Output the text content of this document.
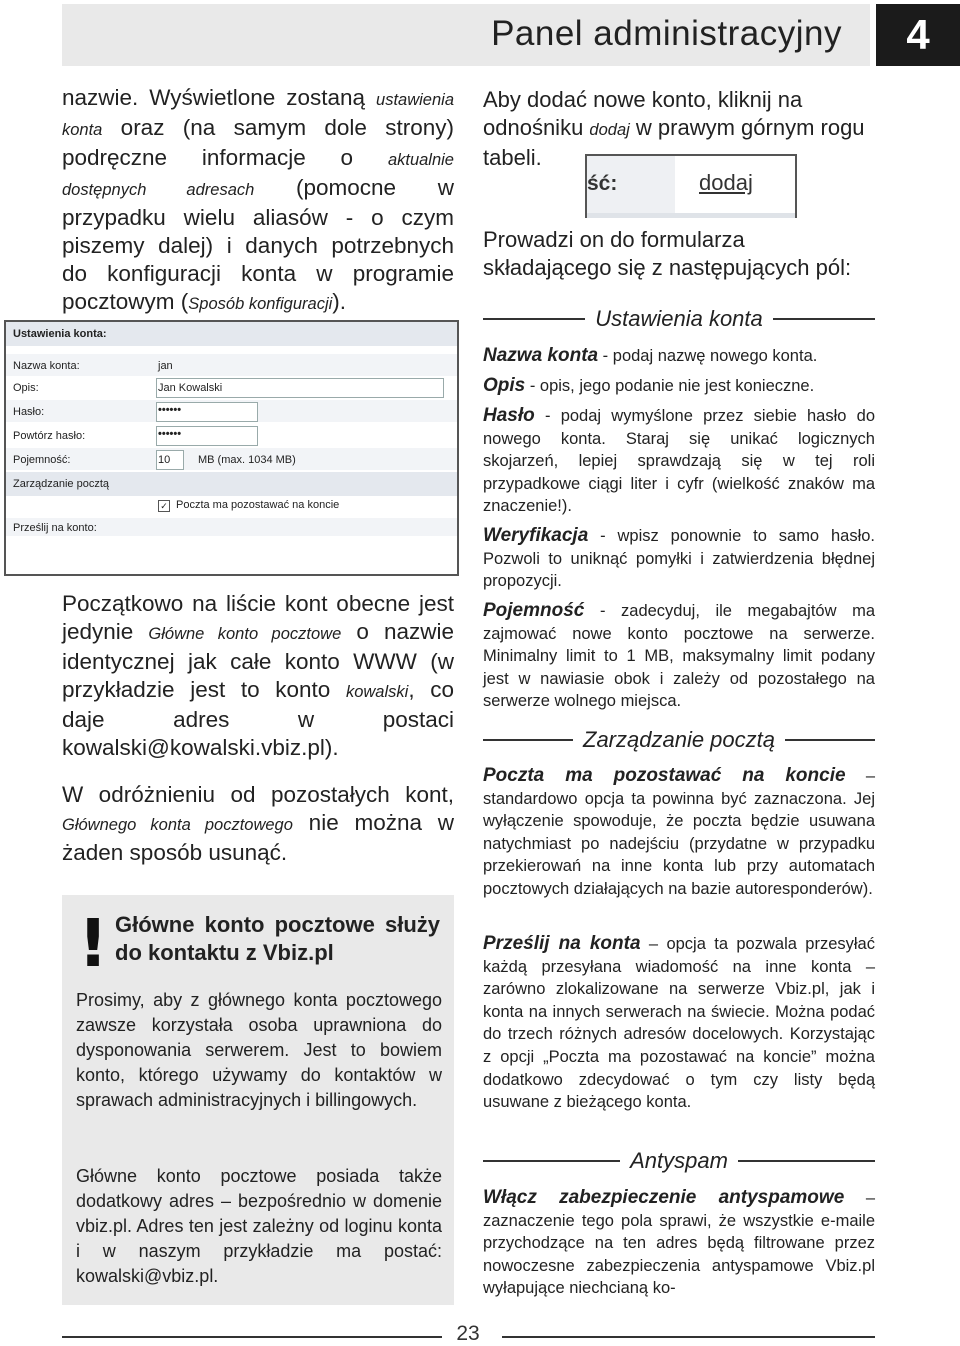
Panel administracyjny	4
nazwie. Wyświetlone zostaną ustawienia konta oraz (na samym dole strony) podręczne informacje o aktualnie dostępnych adresach (pomocne w przypadku wielu aliasów - o czym piszemy dalej) i danych potrzebnych do konfiguracji konta w programie pocztowym (Sposób konfiguracji).
Ustawienia konta:
Nazwa konta:	jan
Opis:	Jan Kowalski
Hasło:	••••••
Powtórz hasło:	••••••
Pojemność:	10	MB (max. 1034 MB)
Zarządzanie pocztą
✓ Poczta ma pozostawać na koncie
Prześlij na konto:
Początkowo na liście kont obecne jest jedynie Główne konto pocztowe o nazwie identycznej jak całe konto WWW (w przykładzie jest to konto kowalski, co daje adres w postaci kowalski@kowalski.vbiz.pl).
W odróżnieniu od pozostałych kont, Głównego konta pocztowego nie można w żaden sposób usunąć.
! Główne konto pocztowe służy do kontaktu z Vbiz.pl
Prosimy, aby z głównego konta pocztowego zawsze korzystała osoba uprawniona do dysponowania serwerem. Jest to bowiem konto, którego używamy do kontaktów w sprawach administracyjnych i billingowych.
Główne konto pocztowe posiada także dodatkowy adres – bezpośrednio w domenie vbiz.pl. Adres ten jest zależny od loginu konta i w naszym przykładzie ma postać: kowalski@vbiz.pl.
Aby dodać nowe konto, kliknij na odnośniku dodaj w prawym górnym rogu tabeli.
ść:	dodaj
Prowadzi on do formularza składającego się z następujących pól:
Ustawienia konta
Nazwa konta - podaj nazwę nowego konta.
Opis - opis, jego podanie nie jest konieczne.
Hasło - podaj wymyślone przez siebie hasło do nowego konta. Staraj się unikać logicznych skojarzeń, lepiej sprawdzają się w tej roli przypadkowe ciągi liter i cyfr (wielkość znaków ma znaczenie!).
Weryfikacja - wpisz ponownie to samo hasło. Pozwoli to uniknąć pomyłki i zatwierdzenia błędnej propozycji.
Pojemność - zadecyduj, ile megabajtów ma zajmować nowe konto pocztowe na serwerze. Minimalny limit to 1 MB, maksymalny limit podany jest w nawiasie obok i zależy od pozostałego na serwerze wolnego miejsca.
Zarządzanie pocztą
Poczta ma pozostawać na koncie – standardowo opcja ta powinna być zaznaczona. Jej wyłączenie spowoduje, że poczta będzie usuwana natychmiast po nadejściu (przydatne w przypadku przekierowań na inne konta lub przy automatach pocztowych działających na bazie autoresponderów).
Prześlij na konta – opcja ta pozwala przesyłać każdą przesyłana wiadomość na inne konta – zarówno zlokalizowane na serwerze Vbiz.pl, jak i konta na innych serwerach na świecie. Można podać do trzech różnych adresów docelowych. Korzystając z opcji „Poczta ma pozostawać na koncie” można dodatkowo zdecydować o tym czy listy będą usuwane z bieżącego konta.
Antyspam
Włącz zabezpieczenie antyspamowe – zaznaczenie tego pola sprawi, że wszystkie e-maile przychodzące na ten adres będą filtrowane przez nowoczesne zabezpieczenia antyspamowe Vbiz.pl wyłapujące niechcianą ko-
23
